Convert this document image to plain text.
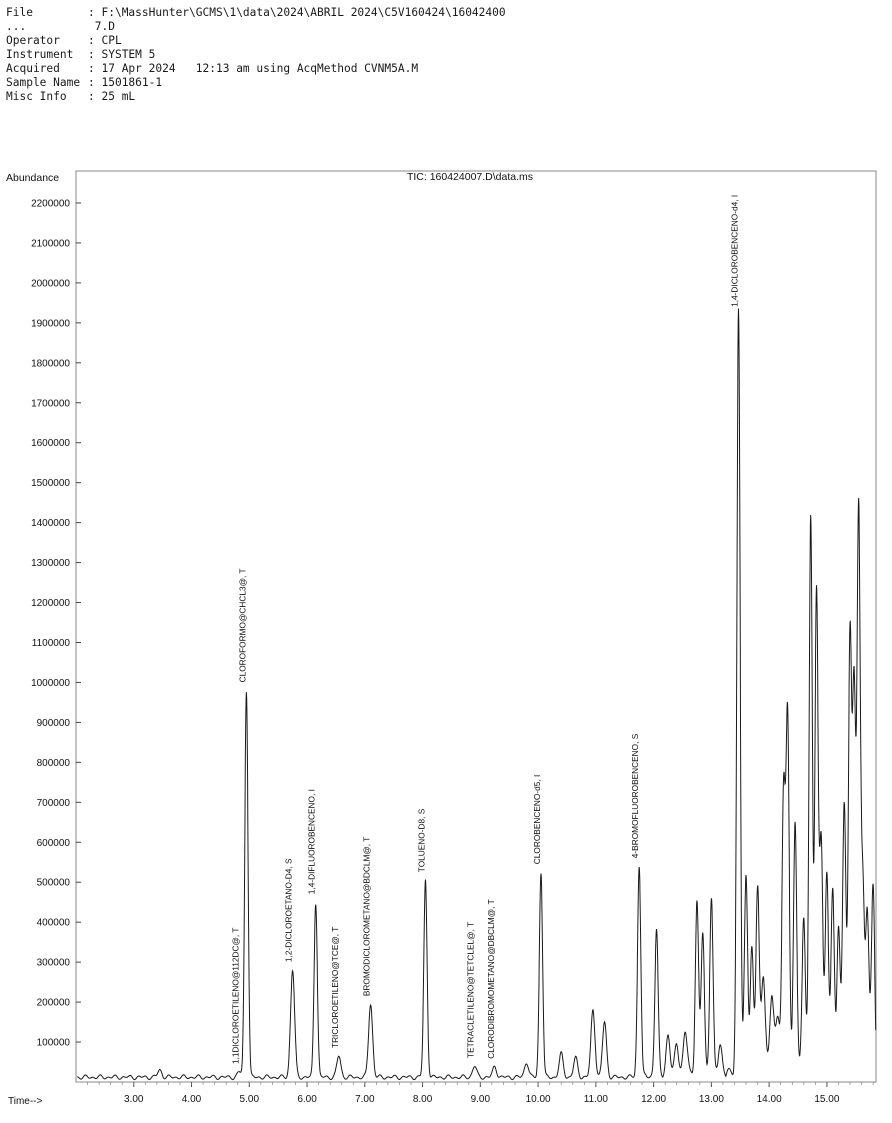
File	: F:\MassHunter\GCMS\1\data\2024\ABRIL 2024\C5V160424\16042400
...	7.D
Operator	: CPL
Instrument : SYSTEM 5
Acquired	: 17 Apr 2024   12:13 am using AcqMethod CVNM5A.M
Sample Name : 1501861-1
Misc Info : 25 mL
Abundance	TIC: 160424007.D\data.ms
100000
200000
300000
400000
500000
600000
700000
800000
900000
1000000
1100000
1200000
1300000
1400000
1500000
1600000
1700000
1800000
1900000
2000000
2100000
2200000
3.00	4.00	5.00	6.00	7.00	8.00	9.00	10.00	11.00	12.00	13.00	14.00	15.00
Time-->
1,1DICLOROETILENO@112DC@, T
CLOROFORMO@CHCL3@, T
1,2-DICLOROETANO-D4, S
1,4-DIFLUOROBENCENO, I
TRICLOROETILENO@TCE@, T	BROMODICLOROMETANO@BDCLM@, T	TOLUENO-D8, S
TETRACLETILENO@TETCLEL@, T CLORODIBROMOMETANO@DBCLM@, T
CLOROBENCENO-d5, I	4-BROMOFLUOROBENCENO, S
1,4-DICLOROBENCENO-d4, I
